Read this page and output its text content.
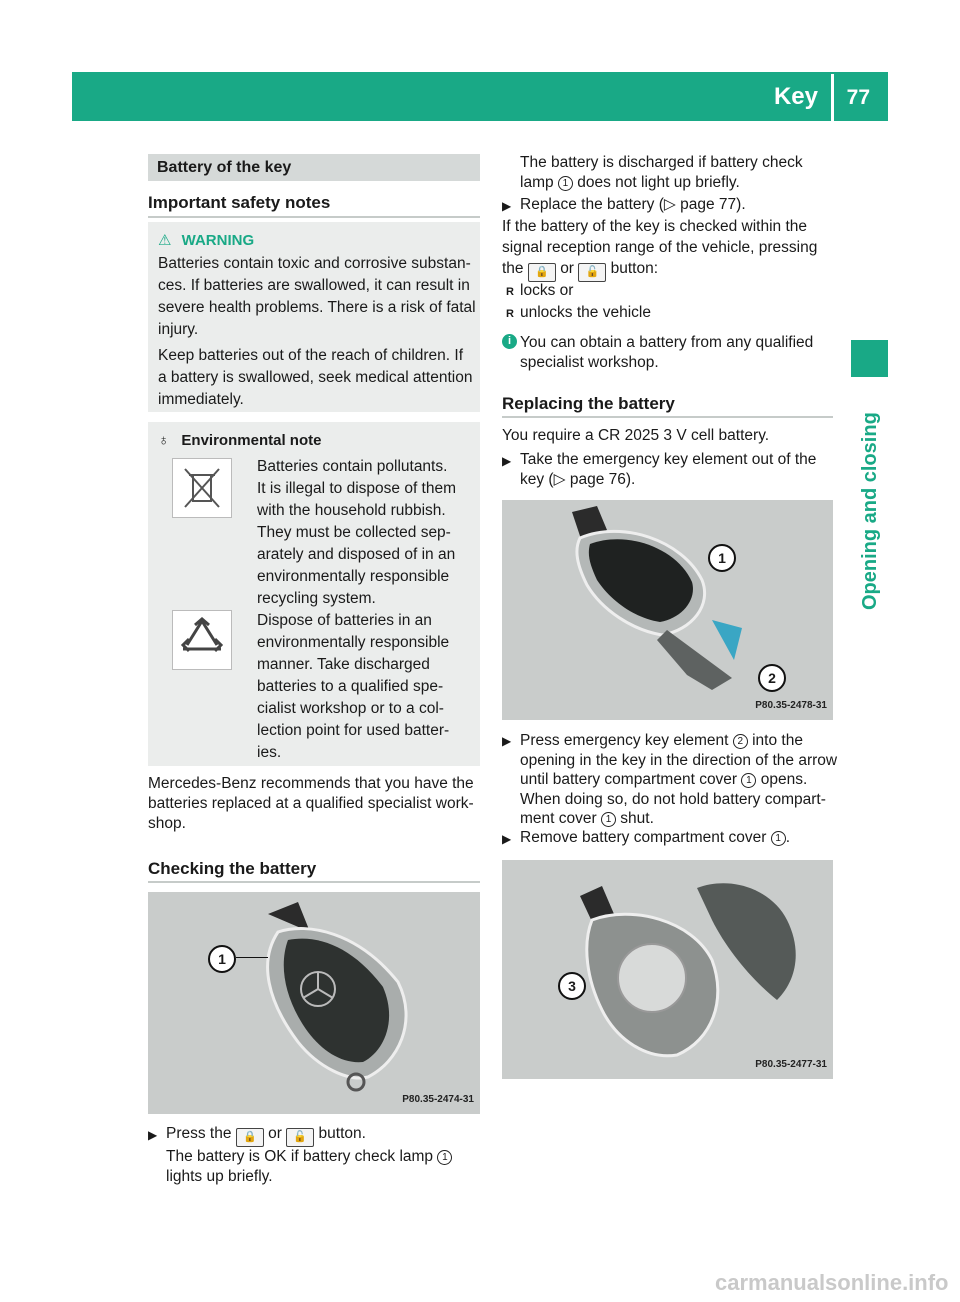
Key 77
Opening and closing
Battery of the key
Important safety notes
⚠ WARNING
Batteries contain toxic and corrosive substan-
ces. If batteries are swallowed, it can result in
severe health problems. There is a risk of fatal
injury.
Keep batteries out of the reach of children. If
a battery is swallowed, seek medical attention
immediately.
♁ Environmental note
Batteries contain pollutants.
It is illegal to dispose of them
with the household rubbish.
They must be collected sep-
arately and disposed of in an
environmentally responsible
recycling system.
Dispose of batteries in an
environmentally responsible
manner. Take discharged
batteries to a qualified spe-
cialist workshop or to a col-
lection point for used batter-
ies.
Mercedes-Benz recommends that you have the
batteries replaced at a qualified specialist work-
shop.
Checking the battery
1
P80.35-2474-31
▶ Press the 🔒 or 🔓 button.
The battery is OK if battery check lamp 1
lights up briefly.
The battery is discharged if battery check
lamp 1 does not light up briefly.
▶ Replace the battery (▷ page 77).
If the battery of the key is checked within the
signal reception range of the vehicle, pressing
the 🔒 or 🔓 button:
R locks or
R unlocks the vehicle
i You can obtain a battery from any qualified
specialist workshop.
Replacing the battery
You require a CR 2025 3 V cell battery.
▶ Take the emergency key element out of the
key (▷ page 76).
1
2
P80.35-2478-31
▶ Press emergency key element 2 into the
opening in the key in the direction of the arrow
until battery compartment cover 1 opens.
When doing so, do not hold battery compart-
ment cover 1 shut.
▶ Remove battery compartment cover 1 .
3
P80.35-2477-31
carmanualsonline.info
